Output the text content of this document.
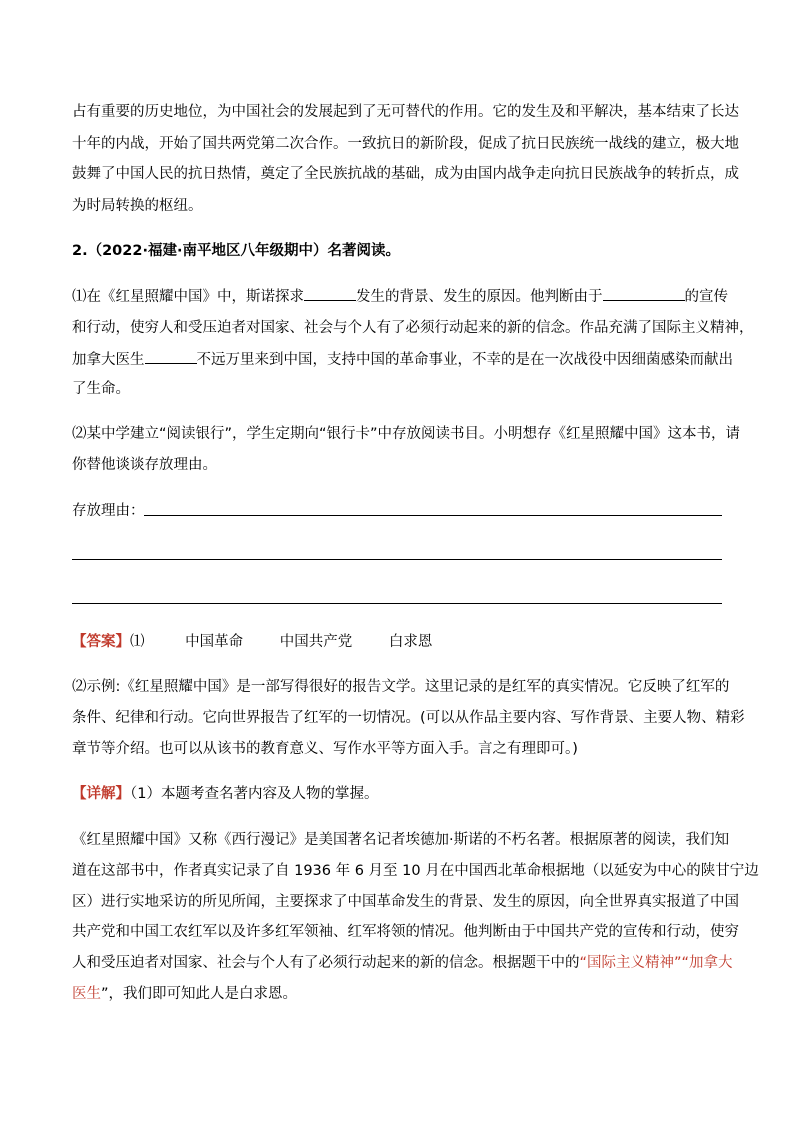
占有重要的历史地位，为中国社会的发展起到了无可替代的作用。它的发生及和平解决，基本结束了长达
十年的内战，开始了国共两党第二次合作。一致抗日的新阶段，促成了抗日民族统一战线的建立，极大地
鼓舞了中国人民的抗日热情，奠定了全民族抗战的基础，成为由国内战争走向抗日民族战争的转折点，成
为时局转换的枢纽。
2.（2022·福建·南平地区八年级期中）名著阅读。
⑴在《红星照耀中国》中，斯诺探求	发生的背景、发生的原因。他判断由于	的宣传
和行动，使穷人和受压迫者对国家、社会与个人有了必须行动起来的新的信念。作品充满了国际主义精神，
加拿大医生	不远万里来到中国，支持中国的革命事业，不幸的是在一次战役中因细菌感染而献出
了生命。
⑵某中学建立“阅读银行”，学生定期向“银行卡”中存放阅读书目。小明想存《红星照耀中国》这本书，请
你替他谈谈存放理由。
存放理由：
【答案】⑴	中国革命	中国共产党	白求恩
⑵示例:《红星照耀中国》是一部写得很好的报告文学。这里记录的是红军的真实情况。它反映了红军的
条件、纪律和行动。它向世界报告了红军的一切情况。(可以从作品主要内容、写作背景、主要人物、精彩
章节等介绍。也可以从该书的教育意义、写作水平等方面入手。言之有理即可。)
【详解】（1）本题考查名著内容及人物的掌握。
《红星照耀中国》又称《西行漫记》是美国著名记者埃德加·斯诺的不朽名著。根据原著的阅读，我们知
道在这部书中，作者真实记录了自 1936 年 6 月至 10 月在中国西北革命根据地（以延安为中心的陕甘宁边
区）进行实地采访的所见所闻，主要探求了中国革命发生的背景、发生的原因，向全世界真实报道了中国
共产党和中国工农红军以及许多红军领袖、红军将领的情况。他判断由于中国共产党的宣传和行动，使穷
人和受压迫者对国家、社会与个人有了必须行动起来的新的信念。根据题干中的“国际主义精神”“加拿大
医生”，我们即可知此人是白求恩。
